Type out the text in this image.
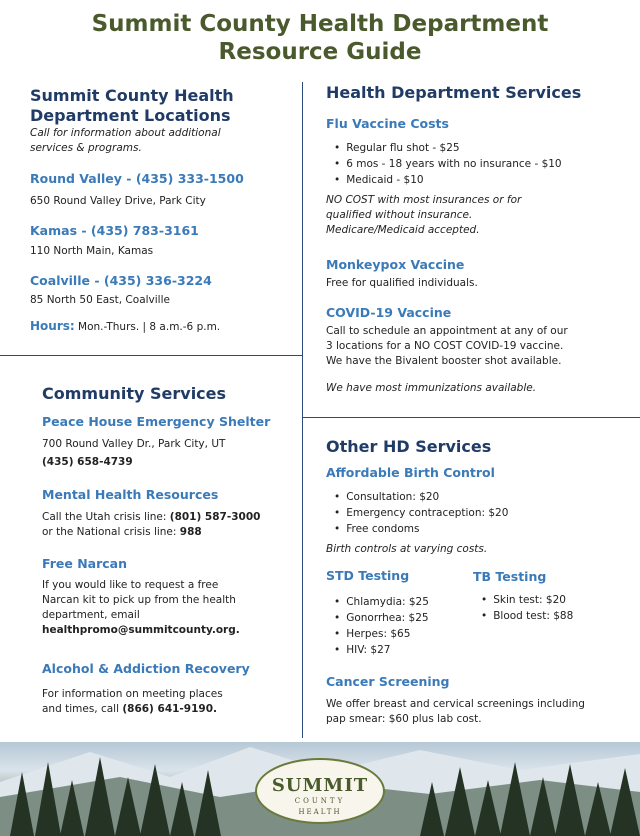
Summit County Health Department
Resource Guide
Summit County Health
Department Locations
Call for information about additional
services & programs.
Round Valley - (435) 333-1500
650 Round Valley Drive, Park City
Kamas - (435) 783-3161
110 North Main, Kamas
Coalville - (435) 336-3224
85 North 50 East, Coalville
Hours: Mon.-Thurs. | 8 a.m.-6 p.m.
Health Department Services
Flu Vaccine Costs
• Regular flu shot - $25
• 6 mos - 18 years with no insurance - $10
• Medicaid - $10
NO COST with most insurances or for
qualified without insurance.
Medicare/Medicaid accepted.
Monkeypox Vaccine
Free for qualified individuals.
COVID-19 Vaccine
Call to schedule an appointment at any of our
3 locations for a NO COST COVID-19 vaccine.
We have the Bivalent booster shot available.
We have most immunizations available.
Community Services
Peace House Emergency Shelter
700 Round Valley Dr., Park City, UT
(435) 658-4739
Mental Health Resources
Call the Utah crisis line: (801) 587-3000
or the National crisis line: 988
Free Narcan
If you would like to request a free
Narcan kit to pick up from the health
department, email
healthpromo@summitcounty.org.
Alcohol & Addiction Recovery
For information on meeting places
and times, call (866) 641-9190.
Other HD Services
Affordable Birth Control
• Consultation: $20
• Emergency contraception: $20
• Free condoms
Birth controls at varying costs.
STD Testing
• Chlamydia: $25
• Gonorrhea: $25
• Herpes: $65
• HIV: $27
TB Testing
• Skin test: $20
• Blood test: $88
Cancer Screening
We offer breast and cervical screenings including
pap smear: $60 plus lab cost.
SUMMIT
COUNTY
HEALTH
